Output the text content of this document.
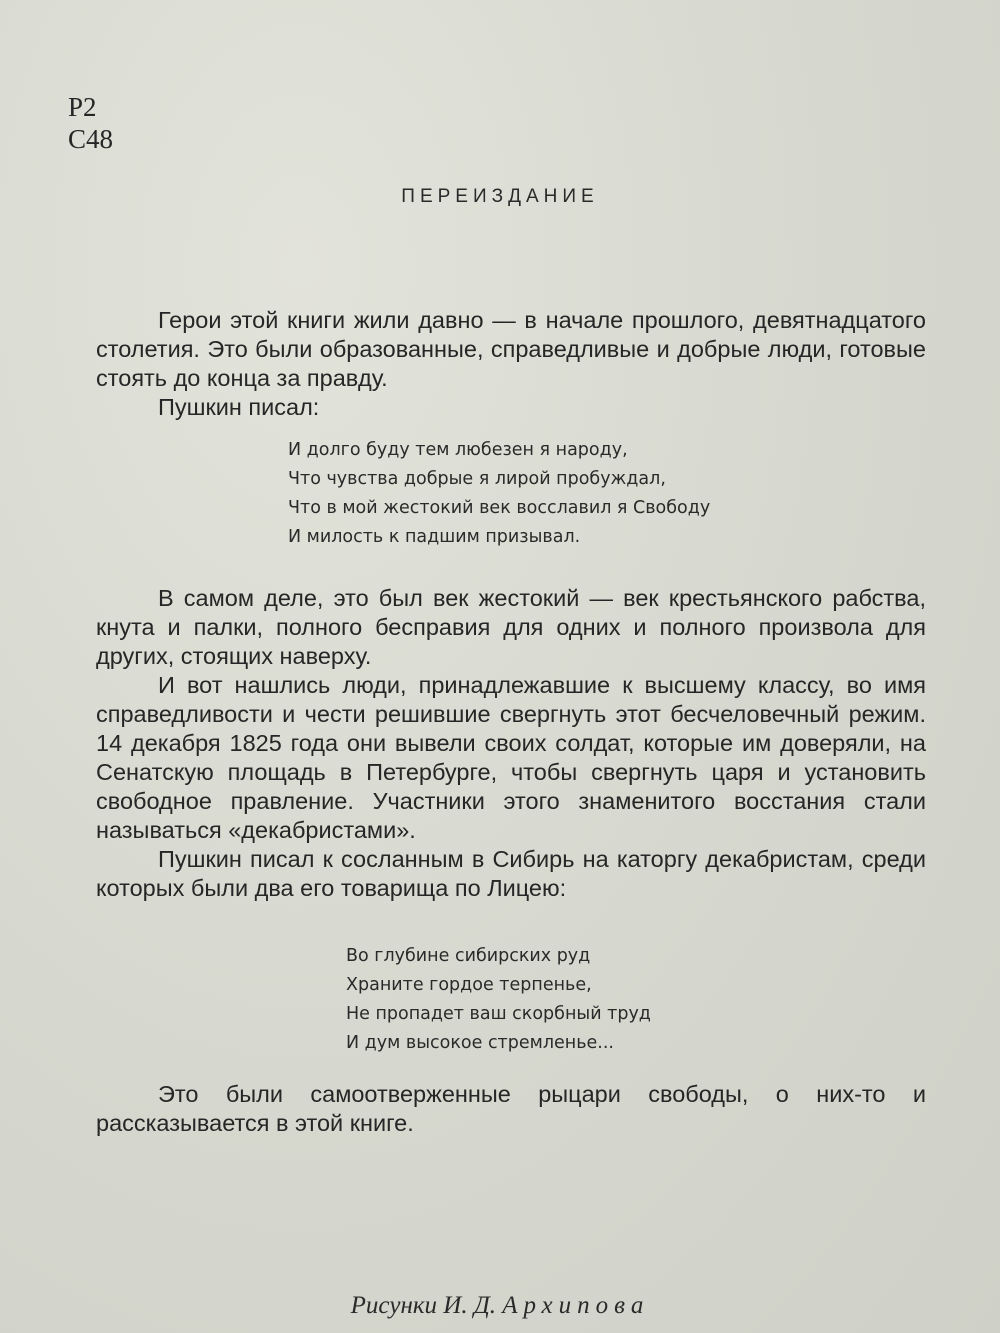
Р2
С48
ПЕРЕИЗДАНИЕ

Герои этой книги жили давно — в начале прошлого, девятнадцатого столетия. Это были образованные, справедливые и добрые люди, готовые стоять до конца за правду.

Пушкин писал:

И долго буду тем любезен я народу,
Что чувства добрые я лирой пробуждал,
Что в мой жестокий век восславил я Свободу
И милость к падшим призывал.

В самом деле, это был век жестокий — век крестьянского рабства, кнута и палки, полного бесправия для одних и полного произвола для других, стоящих наверху.

И вот нашлись люди, принадлежавшие к высшему классу, во имя справедливости и чести решившие свергнуть этот бесчеловечный режим. 14 декабря 1825 года они вывели своих солдат, которые им доверяли, на Сенатскую площадь в Петербурге, чтобы свергнуть царя и установить свободное правление. Участники этого знаменитого восстания стали называться «декабристами».

Пушкин писал к сосланным в Сибирь на каторгу декабристам, среди которых были два его товарища по Лицею:

Во глубине сибирских руд
Храните гордое терпенье,
Не пропадет ваш скорбный труд
И дум высокое стремленье...

Это были самоотверженные рыцари свободы, о них-то и рассказывается в этой книге.

Рисунки И. Д. Архипова
